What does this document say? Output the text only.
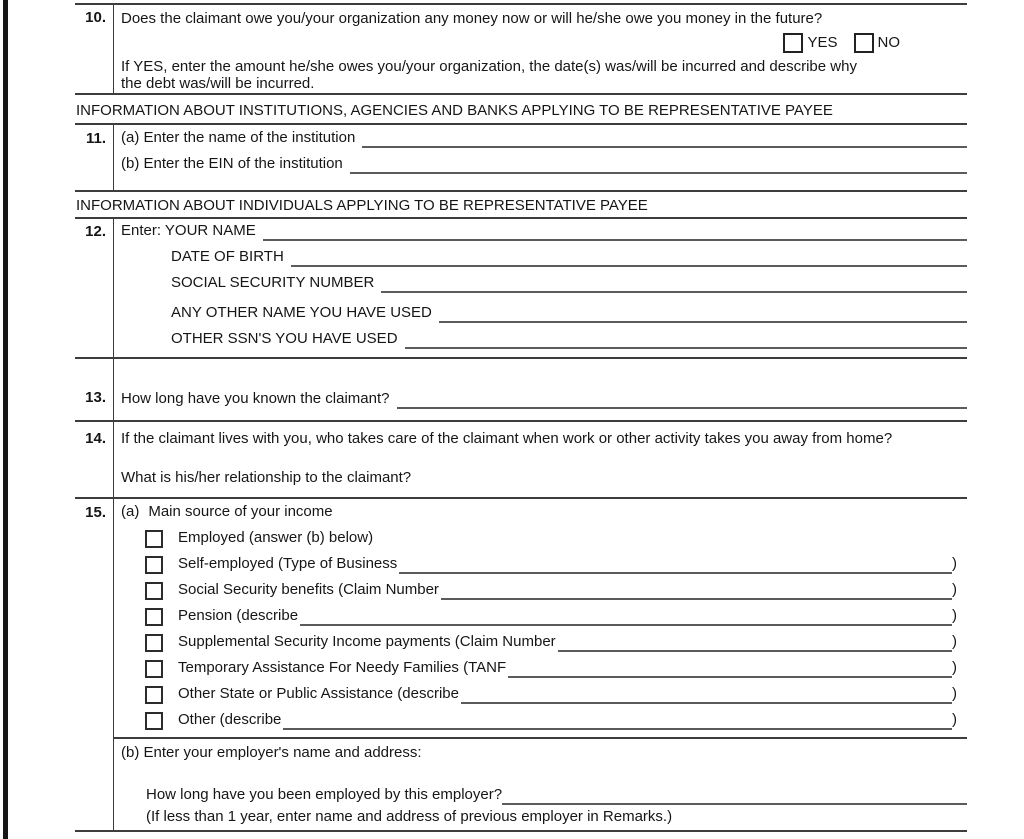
10.	Does the claimant owe you/your organization any money now or will he/she owe you money in the future?
YES	NO
If YES, enter the amount he/she owes you/your organization, the date(s) was/will be incurred and describe why
the debt was/will be incurred.
INFORMATION ABOUT INSTITUTIONS, AGENCIES AND BANKS APPLYING TO BE REPRESENTATIVE PAYEE
11.	(a) Enter the name of the institution
(b) Enter the EIN of the institution
INFORMATION ABOUT INDIVIDUALS APPLYING TO BE REPRESENTATIVE PAYEE
12.	Enter: YOUR NAME
DATE OF BIRTH
SOCIAL SECURITY NUMBER
ANY OTHER NAME YOU HAVE USED
OTHER SSN'S YOU HAVE USED
13.	How long have you known the claimant?
14.	If the claimant lives with you, who takes care of the claimant when work or other activity takes you away from home?
What is his/her relationship to the claimant?
15.	(a) Main source of your income
Employed (answer (b) below)
Self-employed (Type of Business	)
Social Security benefits (Claim Number	)
Pension (describe	)
Supplemental Security Income payments (Claim Number	)
Temporary Assistance For Needy Families (TANF	)
Other State or Public Assistance (describe	)
Other (describe	)
(b) Enter your employer's name and address:
How long have you been employed by this employer?
(If less than 1 year, enter name and address of previous employer in Remarks.)
